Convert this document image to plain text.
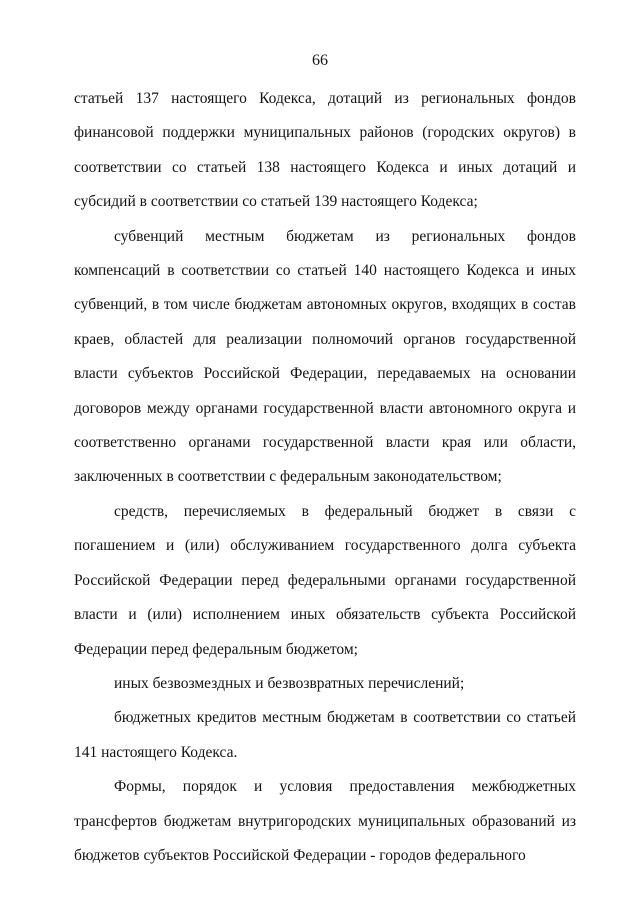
66

статьей 137 настоящего Кодекса, дотаций из региональных фондов финансовой поддержки муниципальных районов (городских округов) в соответствии со статьей 138 настоящего Кодекса и иных дотаций и субсидий в соответствии со статьей 139 настоящего Кодекса;

субвенций местным бюджетам из региональных фондов компенсаций в соответствии со статьей 140 настоящего Кодекса и иных субвенций, в том числе бюджетам автономных округов, входящих в состав краев, областей для реализации полномочий органов государственной власти субъектов Российской Федерации, передаваемых на основании договоров между органами государственной власти автономного округа и соответственно органами государственной власти края или области, заключенных в соответствии с федеральным законодательством;

средств, перечисляемых в федеральный бюджет в связи с погашением и (или) обслуживанием государственного долга субъекта Российской Федерации перед федеральными органами государственной власти и (или) исполнением иных обязательств субъекта Российской Федерации перед федеральным бюджетом;

иных безвозмездных и безвозвратных перечислений;

бюджетных кредитов местным бюджетам в соответствии со статьей 141 настоящего Кодекса.

Формы, порядок и условия предоставления межбюджетных трансфертов бюджетам внутригородских муниципальных образований из бюджетов субъектов Российской Федерации - городов федерального
